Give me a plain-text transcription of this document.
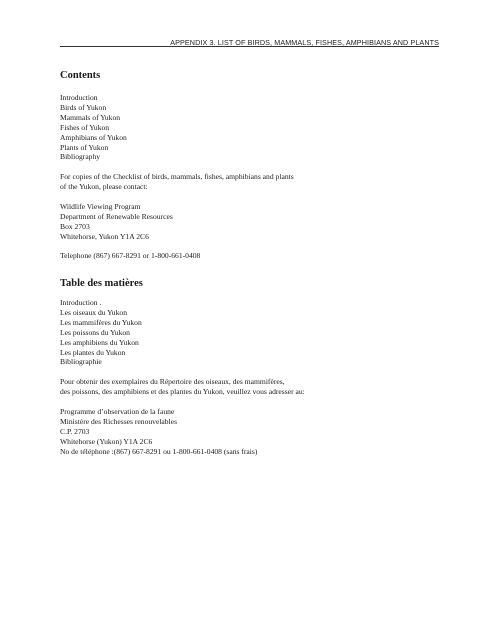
APPENDIX 3. LIST OF BIRDS, MAMMALS, FISHES, AMPHIBIANS AND PLANTS
Contents
Introduction
Birds of Yukon
Mammals of Yukon
Fishes of Yukon
Amphibians of Yukon
Plants of Yukon
Bibliography
For copies of the Checklist of birds, mammals, fishes, amphibians and plants
of the Yukon, please contact:
Wildlife Viewing Program
Department of Renewable Resources
Box 2703
Whitehorse, Yukon Y1A 2C6
Telephone (867) 667-8291 or 1-800-661-0408
Table des matières
Introduction .
Les oiseaux du Yukon
Les mammifères du Yukon
Les poissons du Yukon
Les amphibiens du Yukon
Les plantes du Yukon
Bibliographie
Pour obtenir des exemplaires du Répertoire des oiseaux, des mammifères,
des poissons, des amphibiens et des plantes du Yukon, veuillez vous adresser au:
Programme d’observation de la faune
Ministère des Richesses renouvelables
C.P. 2703
Whitehorse (Yukon) Y1A 2C6
No de téléphone :(867) 667-8291 ou 1-800-661-0408 (sans frais)
